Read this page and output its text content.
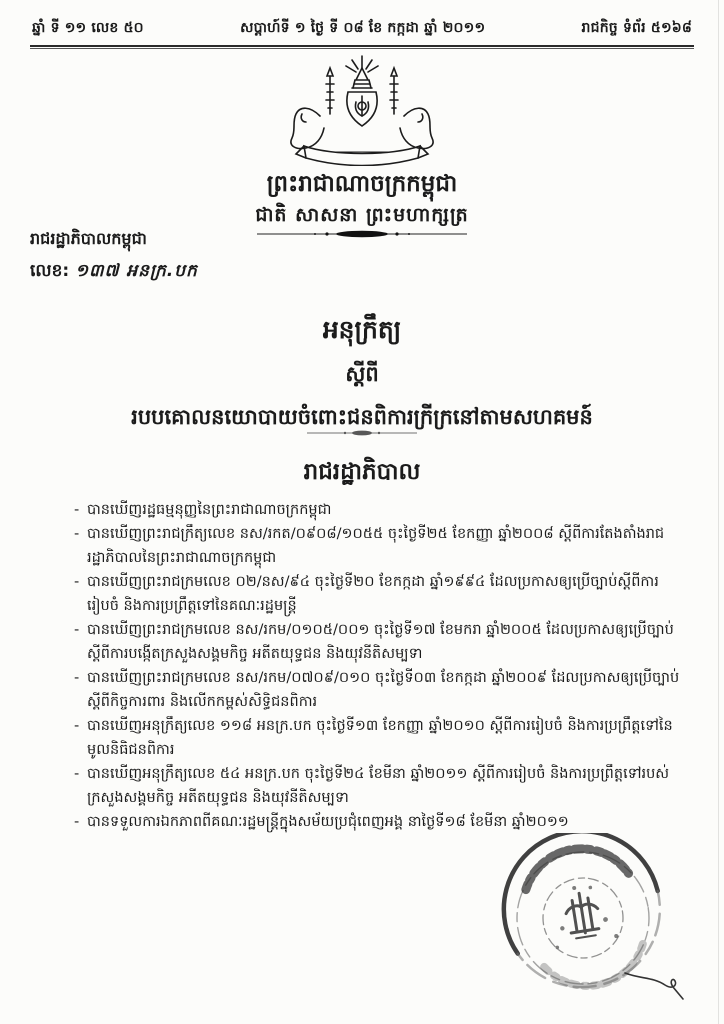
ឆ្នាំ ទី ១១ លេខ ៥០	សប្តាហ៍ទី ១ ថ្ងៃ ទី ០៨ ខែ កក្កដា ឆ្នាំ ២០១១	រាជកិច្ច ទំព័រ ៥១៦៨
ព្រះរាជាណាចក្រកម្ពុជា
ជាតិ សាសនា ព្រះមហាក្សត្រ
រាជរដ្ឋាភិបាលកម្ពុជា
លេខ: ១៣៧ អនក្រ.បក
អនុក្រឹត្យ
ស្តីពី
របបគោលនយោបាយចំពោះជនពិការក្រីក្រនៅតាមសហគមន៍
រាជរដ្ឋាភិបាល
- បានឃើញរដ្ឋធម្មនុញ្ញនៃព្រះរាជាណាចក្រកម្ពុជា
- បានឃើញព្រះរាជក្រឹត្យលេខ នស/រកត/០៩០៨/១០៥៥ ចុះថ្ងៃទី២៥ ខែកញ្ញា ឆ្នាំ២០០៨ ស្តីពីការតែងតាំងរាជរដ្ឋាភិបាលនៃព្រះរាជាណាចក្រកម្ពុជា
- បានឃើញព្រះរាជក្រមលេខ ០២/នស/៩៤ ចុះថ្ងៃទី២០ ខែកក្កដា ឆ្នាំ១៩៩៤ ដែលប្រកាសឲ្យប្រើច្បាប់ស្តីពីការរៀបចំ និងការប្រព្រឹត្តទៅនៃគណៈរដ្ឋមន្ត្រី
- បានឃើញព្រះរាជក្រមលេខ នស/រកម/០១០៥/០០១ ចុះថ្ងៃទី១៧ ខែមករា ឆ្នាំ២០០៥ ដែលប្រកាសឲ្យប្រើច្បាប់ស្តីពីការបង្កើតក្រសួងសង្គមកិច្ច អតីតយុទ្ធជន និងយុវនីតិសម្បទា
- បានឃើញព្រះរាជក្រមលេខ នស/រកម/០៧០៩/០១០ ចុះថ្ងៃទី០៣ ខែកក្កដា ឆ្នាំ២០០៩ ដែលប្រកាសឲ្យប្រើច្បាប់ស្តីពីកិច្ចការពារ និងលើកកម្ពស់សិទ្ធិជនពិការ
- បានឃើញអនុក្រឹត្យលេខ ១១៨ អនក្រ.បក ចុះថ្ងៃទី១៣ ខែកញ្ញា ឆ្នាំ២០១០ ស្តីពីការរៀបចំ និងការប្រព្រឹត្តទៅនៃមូលនិធិជនពិការ
- បានឃើញអនុក្រឹត្យលេខ ៥៤ អនក្រ.បក ចុះថ្ងៃទី២៤ ខែមីនា ឆ្នាំ២០១១ ស្តីពីការរៀបចំ និងការប្រព្រឹត្តទៅរបស់ក្រសួងសង្គមកិច្ច អតីតយុទ្ធជន និងយុវនីតិសម្បទា
- បានទទួលការឯកភាពពីគណៈរដ្ឋមន្ត្រីក្នុងសម័យប្រជុំពេញអង្គ នាថ្ងៃទី១៨ ខែមីនា ឆ្នាំ២០១១
